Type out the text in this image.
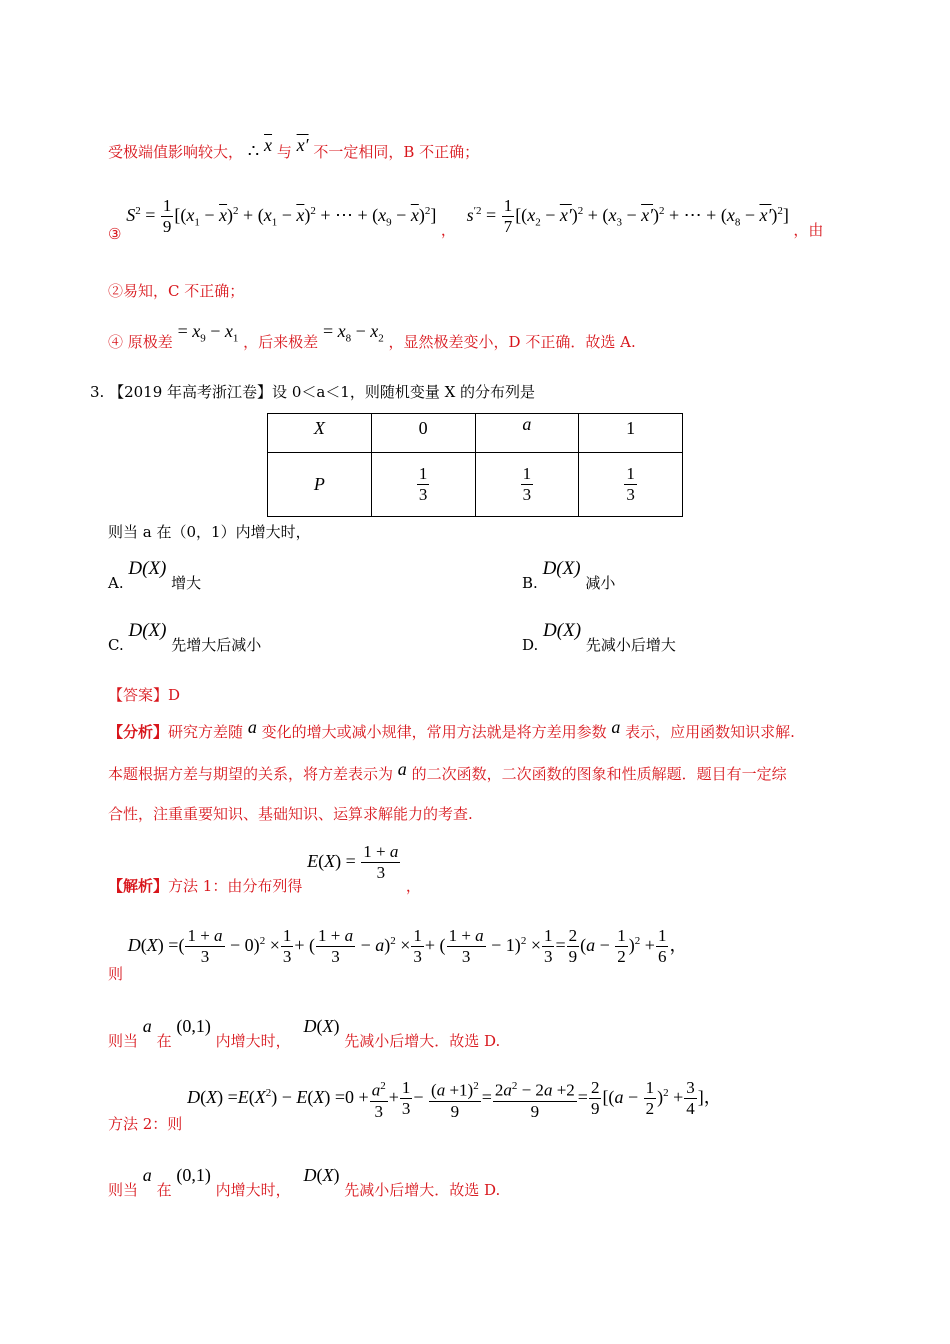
受极端值影响较大， ∴ $\overline{x}$ 与 x′ 不一定相同，B 不正确；
③ $S^2 = \frac{1}{9} [(x_1 - \overline{x})^2 + (x_1 - \overline{x})^2$ + ⋯ + $(x_9 - \overline{x})^2$] ， $s^{'2} = \frac{1}{7} [(x_2 - x')^2 + (x_3 - x')^2$ + ⋯ + $(x_8 - x')^2$] ，由
②易知，C 不正确；
④ 原极差 = $x_9 - x_1$ ，后来极差 = $x_8 - x_2$ ，显然极差变小，D 不正确．故选 A.
3. 【2019 年高考浙江卷】设 0＜a＜1，则随机变量 X 的分布列是
X	0	a	1
P	$\frac{1}{3}$	$\frac{1}{3}$	$\frac{1}{3}$
则当 a 在（0，1）内增大时，
A. D(X) 增大	B. D(X) 减小
C. D(X) 先增大后减小	D. D(X) 先减小后增大
【答案】D
【分析】研究方差随 a 变化的增大或减小规律，常用方法就是将方差用参数 a 表示，应用函数知识求解.
本题根据方差与期望的关系，将方差表示为 a 的二次函数，二次函数的图象和性质解题．题目有一定综
合性，注重重要知识、基础知识、运算求解能力的考查.
【解析】方法 1：由分布列得 $E(X) = \frac{1 + a}{3}$
，
则 D(X) =( $\frac{1 + a}{3} - 0)^2 \times \frac{1}{3}$ + ( $\frac{1 + a}{3} - a)^2 \times \frac{1}{3}$ + ( $\frac{1 + a}{3} - 1)^2 \times \frac{1}{3} = \frac{2}{9} (a - \frac{1}{2} )^2 + \frac{1}{6}$ ，
则当 a 在 (0,1) 内增大时， D(X) 先减小后增大．故选 D.
方法 2：则 $D(X) =E(X^2) - E(X) =0 + \frac{a^2}{3} + \frac{1}{3} - \frac{(a +1)^2}{9} = \frac{2a^2 - 2a +2}{9} = \frac{2}{9} [(a - \frac{1}{2} )^2 + \frac{3}{4}$ ]，
则当 a 在 (0,1) 内增大时， D(X) 先减小后增大．故选 D.
